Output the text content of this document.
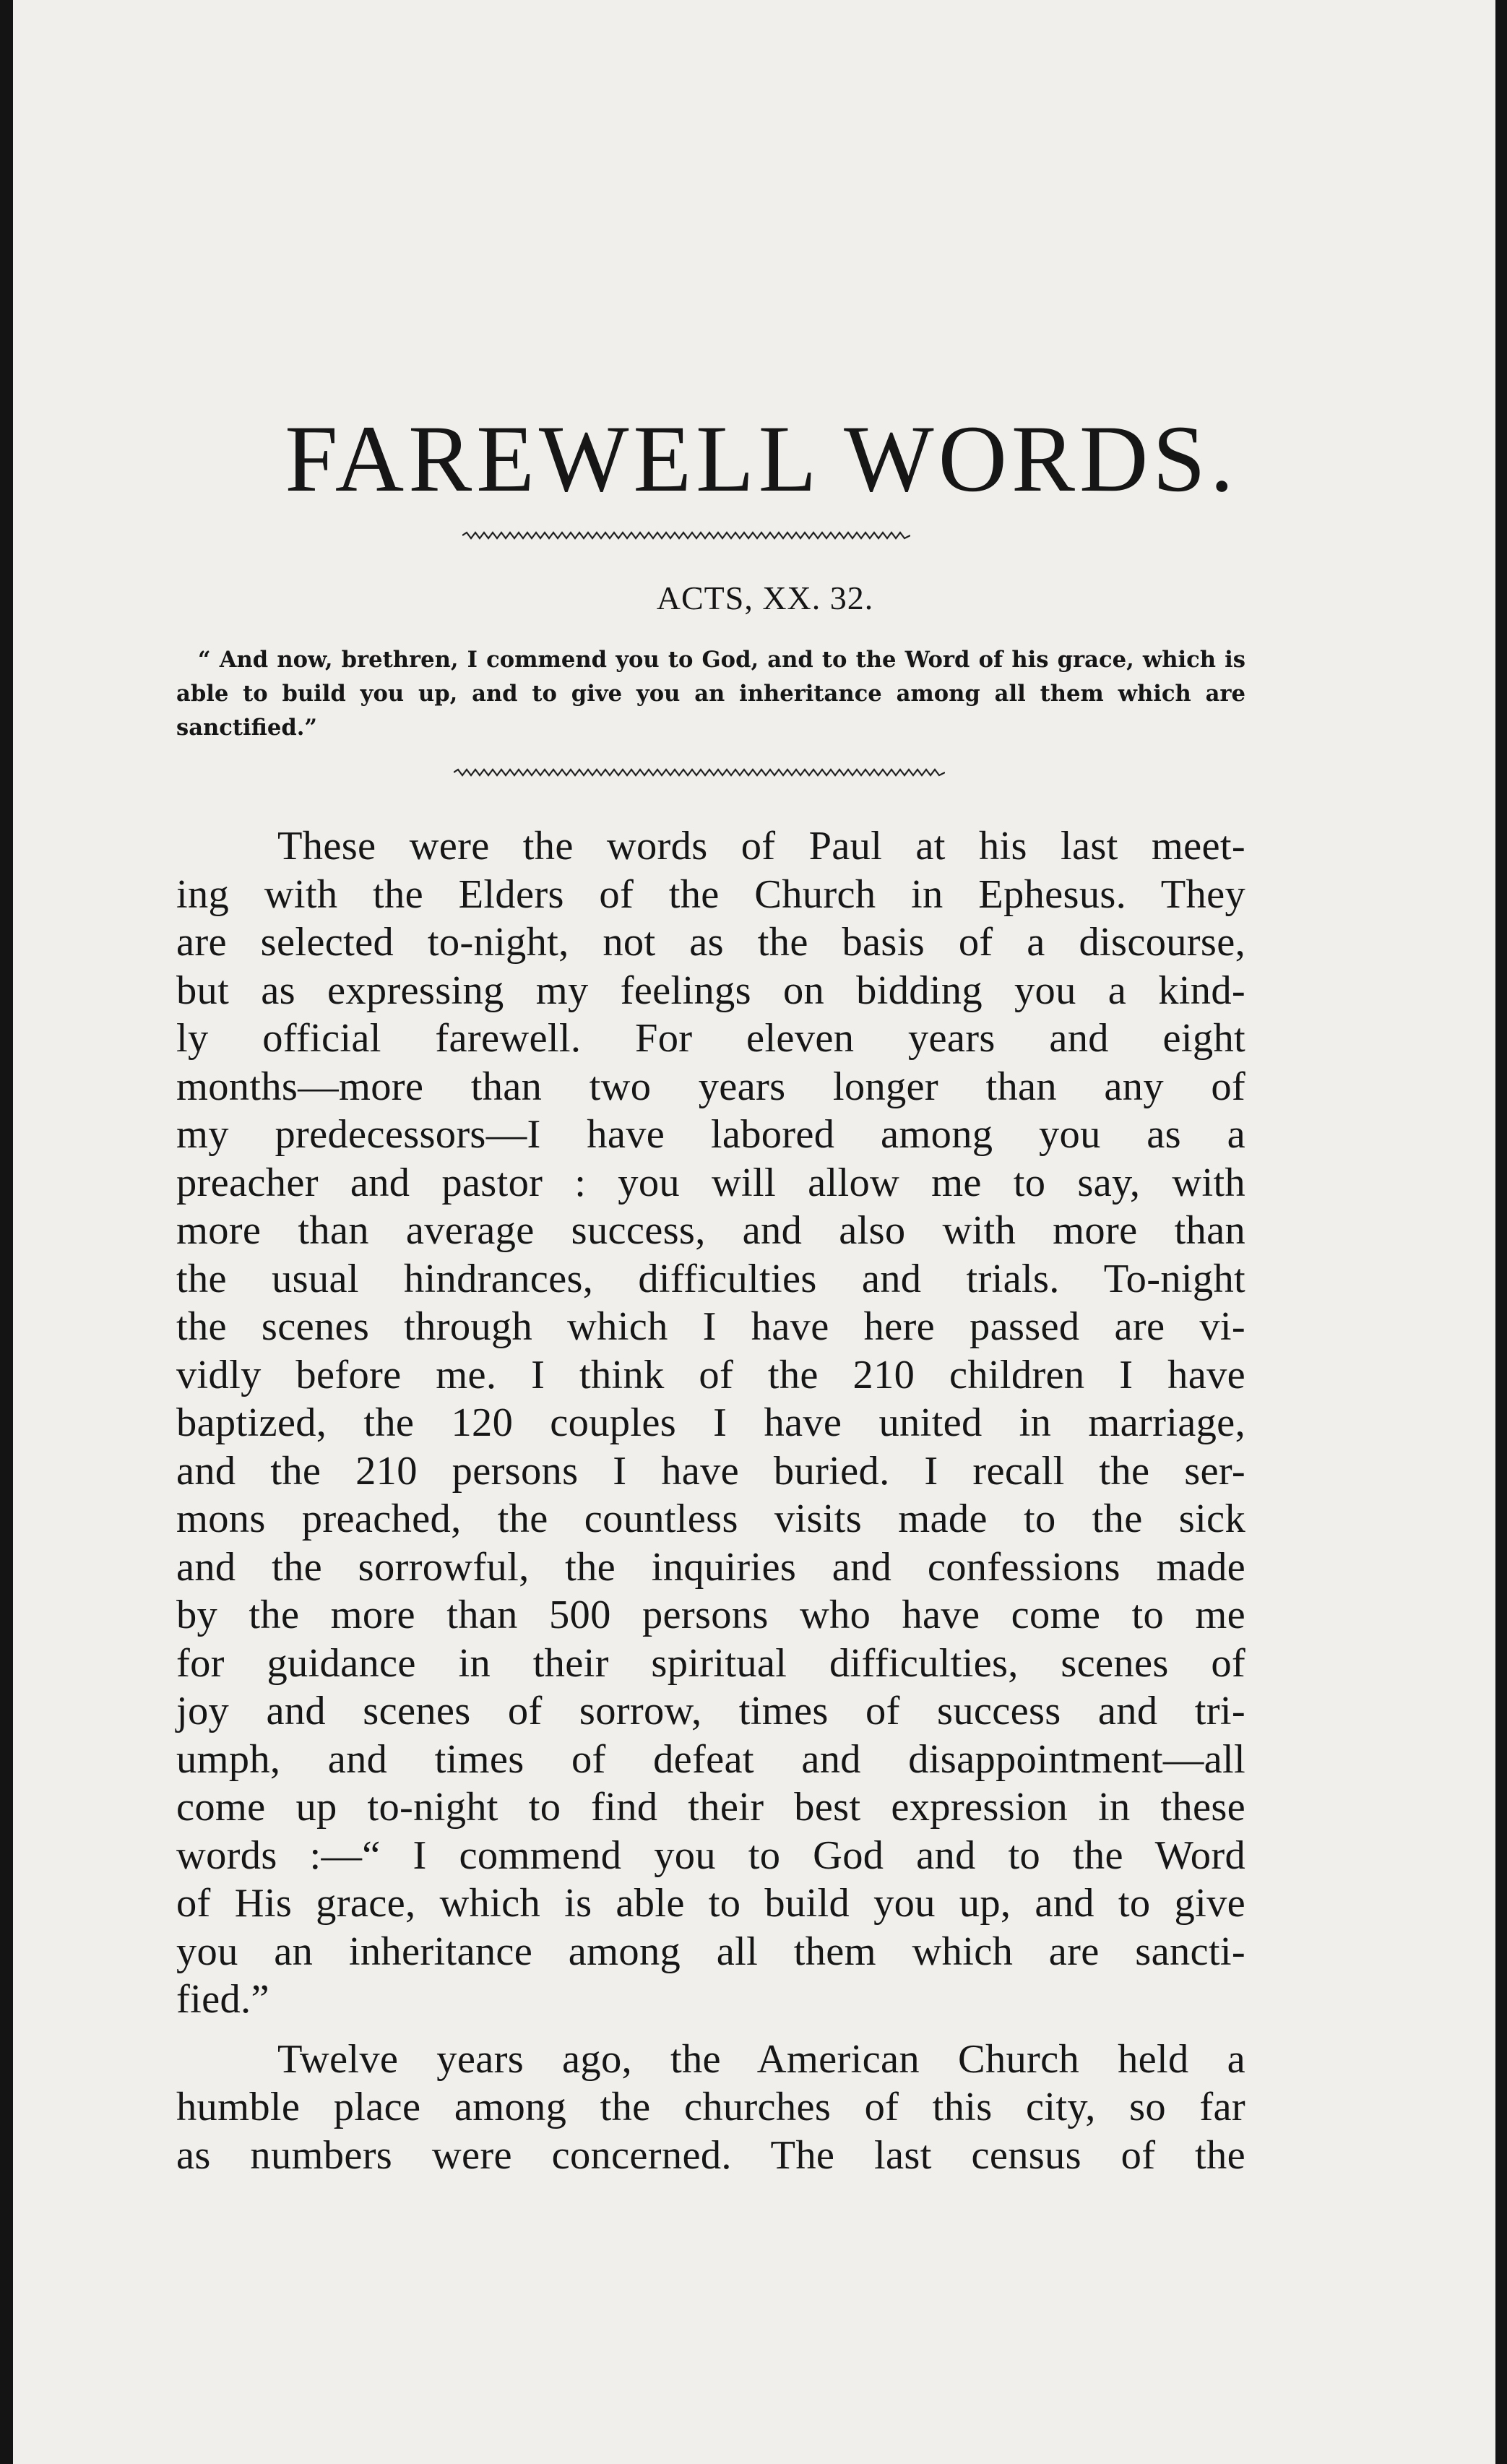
FAREWELL WORDS.

ACTS, XX. 32.

“ And now, brethren, I commend you to God, and to the Word of his grace, which is able to build you up, and to give you an inheritance among all them which are sanctified.”

These were the words of Paul at his last meet-
ing with the Elders of the Church in Ephesus. They
are selected to-night, not as the basis of a discourse,
but as expressing my feelings on bidding you a kind-
ly official farewell. For eleven years and eight
months—more than two years longer than any of
my predecessors—I have labored among you as a
preacher and pastor : you will allow me to say, with
more than average success, and also with more than
the usual hindrances, difficulties and trials. To-night
the scenes through which I have here passed are vi-
vidly before me. I think of the 210 children I have
baptized, the 120 couples I have united in marriage,
and the 210 persons I have buried. I recall the ser-
mons preached, the countless visits made to the sick
and the sorrowful, the inquiries and confessions made
by the more than 500 persons who have come to me
for guidance in their spiritual difficulties, scenes of
joy and scenes of sorrow, times of success and tri-
umph, and times of defeat and disappointment—all
come up to-night to find their best expression in these
words :—“ I commend you to God and to the Word
of His grace, which is able to build you up, and to give
you an inheritance among all them which are sancti-
fied.”
Twelve years ago, the American Church held a
humble place among the churches of this city, so far
as numbers were concerned. The last census of the
